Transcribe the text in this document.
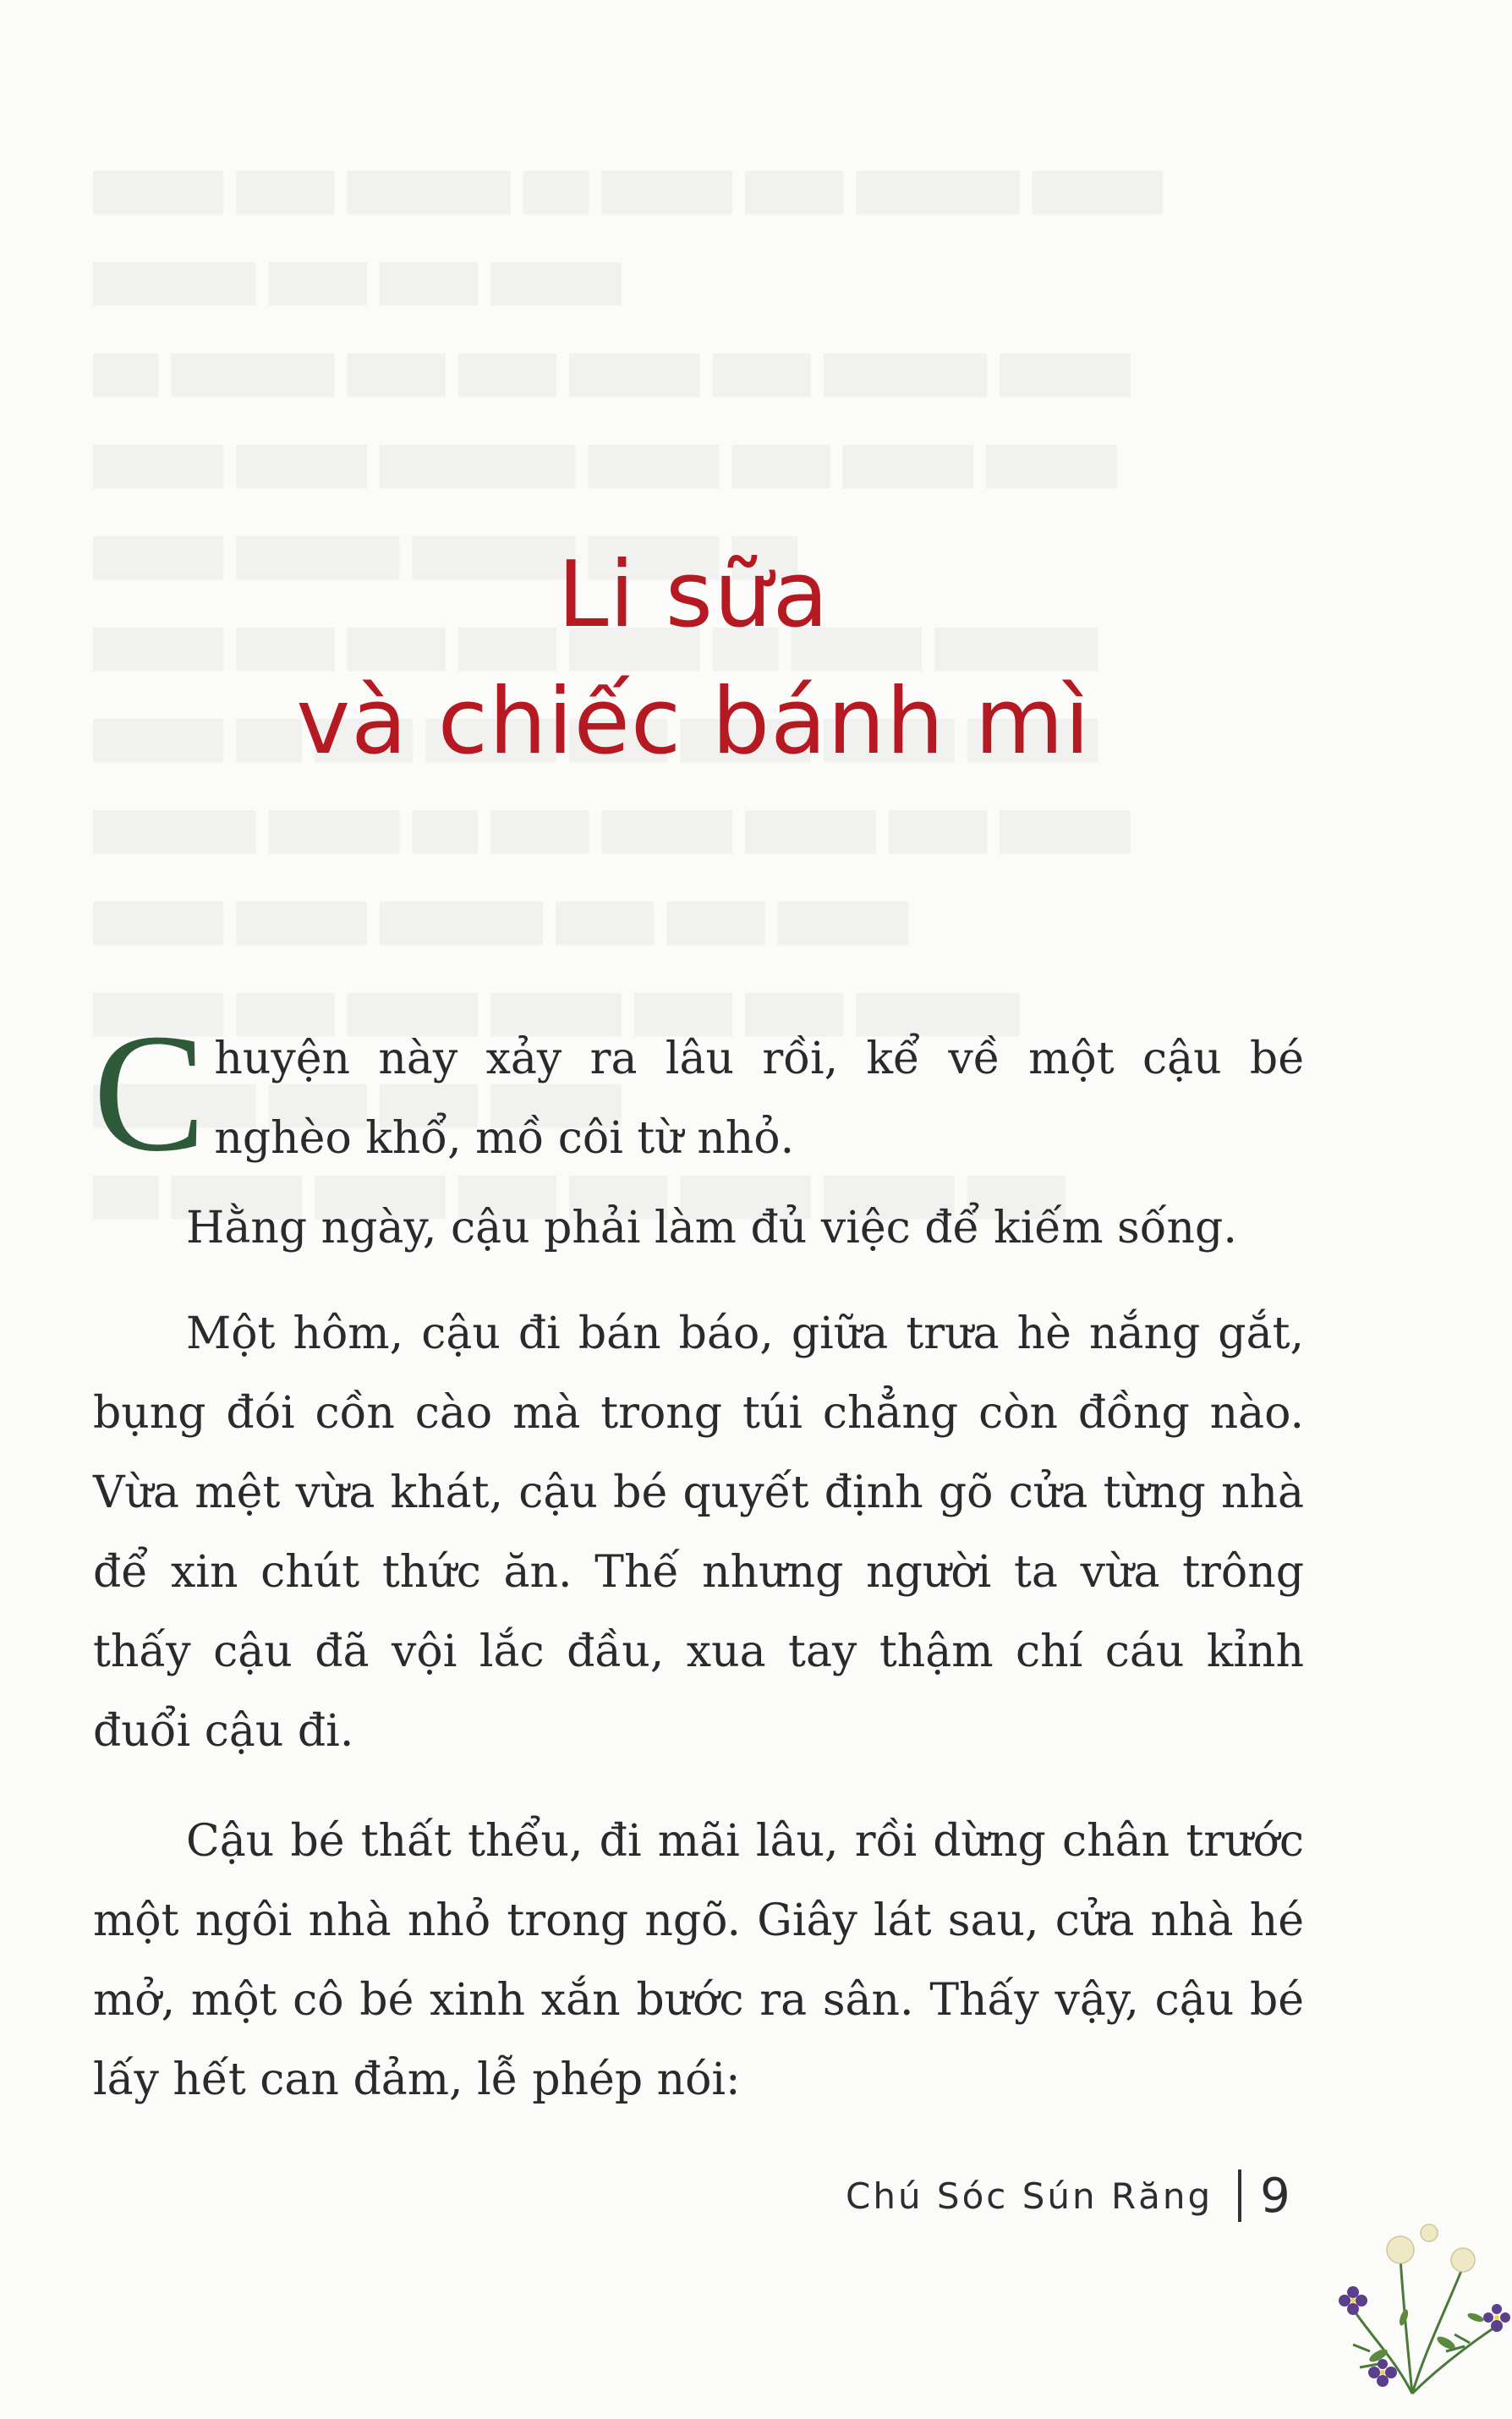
Li sữa
và chiếc bánh mì

Chuyện này xảy ra lâu rồi, kể về một cậu bé nghèo khổ, mồ côi từ nhỏ.

Hằng ngày, cậu phải làm đủ việc để kiếm sống.

Một hôm, cậu đi bán báo, giữa trưa hè nắng gắt, bụng đói cồn cào mà trong túi chẳng còn đồng nào. Vừa mệt vừa khát, cậu bé quyết định gõ cửa từng nhà để xin chút thức ăn. Thế nhưng người ta vừa trông thấy cậu đã vội lắc đầu, xua tay thậm chí cáu kỉnh đuổi cậu đi.

Cậu bé thất thểu, đi mãi lâu, rồi dừng chân trước một ngôi nhà nhỏ trong ngõ. Giây lát sau, cửa nhà hé mở, một cô bé xinh xắn bước ra sân. Thấy vậy, cậu bé lấy hết can đảm, lễ phép nói:

Chú Sóc Sún Răng 9
